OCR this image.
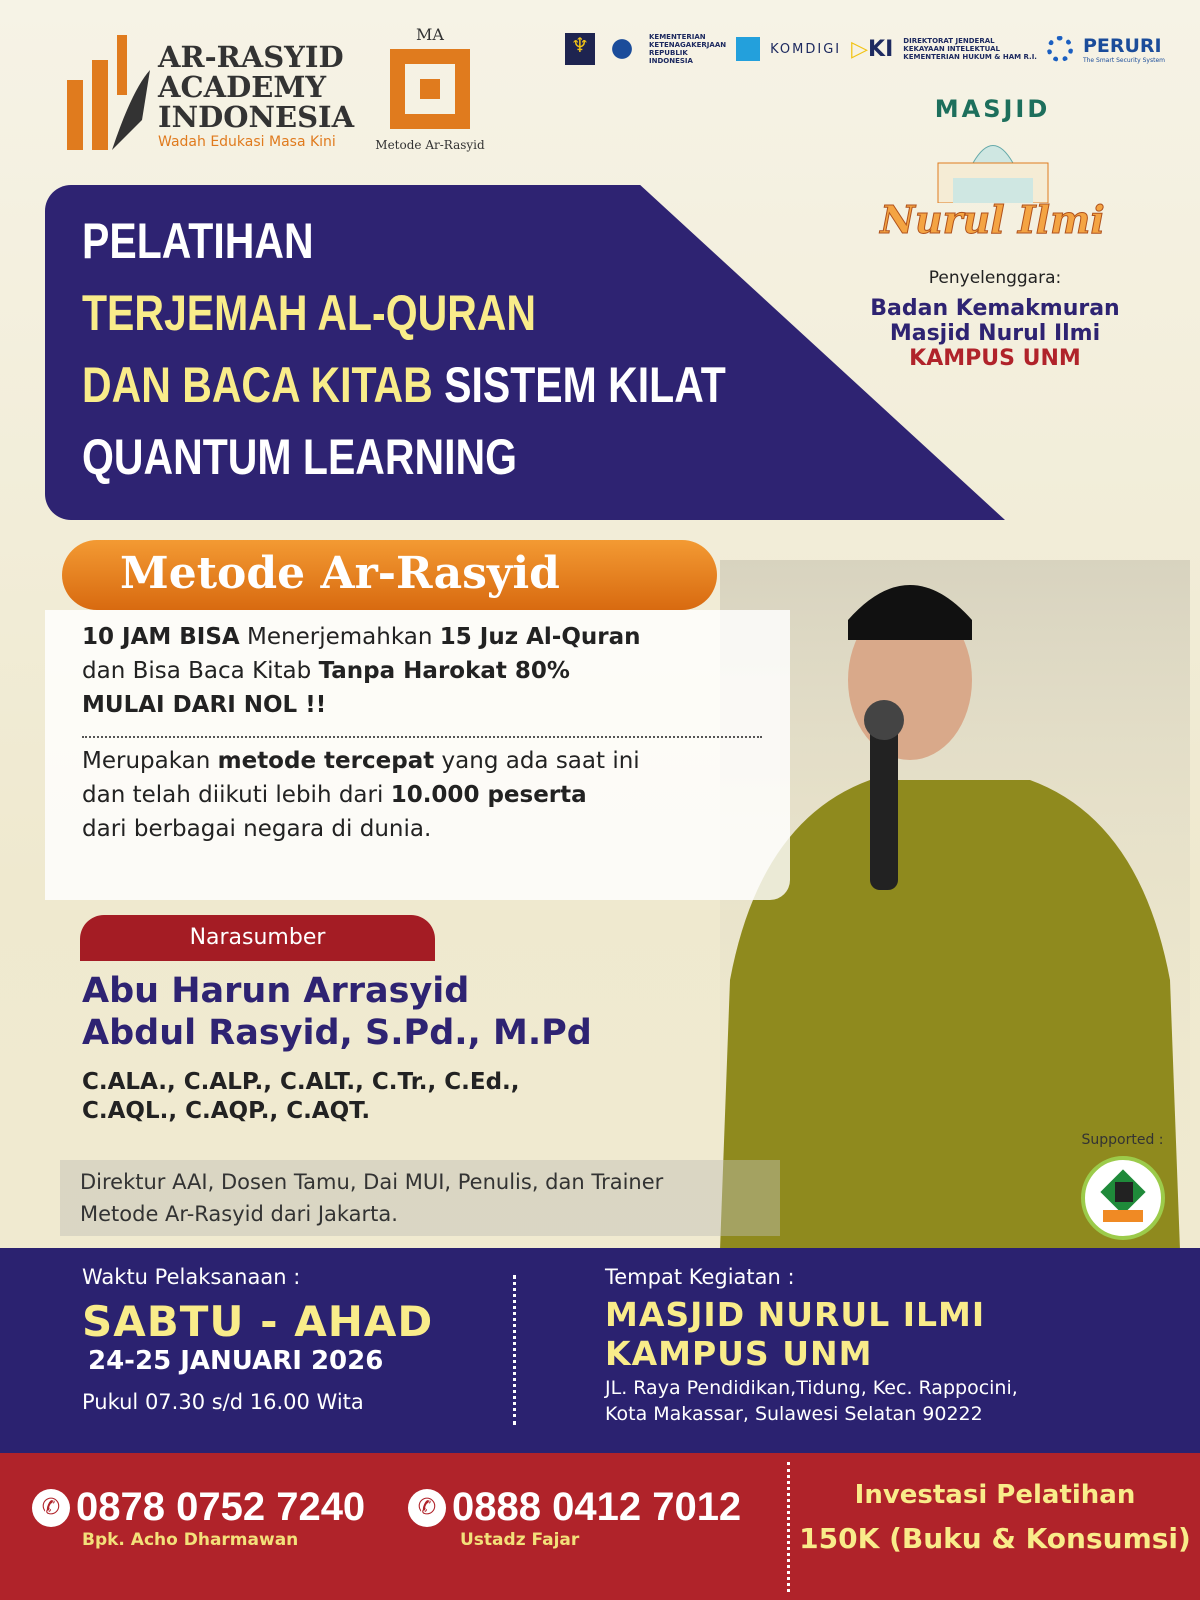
AR-RASYID
ACADEMY
INDONESIA
Wadah Edukasi Masa Kini
MA
Metode Ar-Rasyid
♆	KEMENTERIAN
KETENAGAKERJAAN
REPUBLIK
INDONESIA
KOMDIGI ▷KI DIREKTORAT JENDERAL
KEKAYAAN INTELEKTUAL
KEMENTERIAN HUKUM & HAM R.I.
PERURI
The Smart Security System
MASJID
Nurul Ilmi
Penyelenggara:
Badan Kemakmuran
Masjid Nurul Ilmi
KAMPUS UNM
PELATIHAN
TERJEMAH AL-QURAN
DAN BACA KITAB SISTEM KILAT
QUANTUM LEARNING
Metode Ar-Rasyid
10 JAM BISA Menerjemahkan 15 Juz Al-Quran
dan Bisa Baca Kitab Tanpa Harokat 80%
MULAI DARI NOL !!
Merupakan metode tercepat yang ada saat ini
dan telah diikuti lebih dari 10.000 peserta
dari berbagai negara di dunia.
Narasumber
Abu Harun Arrasyid
Abdul Rasyid, S.Pd., M.Pd
C.ALA., C.ALP., C.ALT., C.Tr., C.Ed.,
C.AQL., C.AQP., C.AQT.
Direktur AAI, Dosen Tamu, Dai MUI, Penulis, dan Trainer
Metode Ar-Rasyid dari Jakarta.
Supported :
Waktu Pelaksanaan :
SABTU - AHAD
24-25 JANUARI 2026
Pukul 07.30 s/d 16.00 Wita
Tempat Kegiatan :
MASJID NURUL ILMI
KAMPUS UNM
JL. Raya Pendidikan,Tidung, Kec. Rappocini,
Kota Makassar, Sulawesi Selatan 90222
✆ 0878 0752 7240
Bpk. Acho Dharmawan
✆ 0888 0412 7012
Ustadz Fajar
Investasi Pelatihan
150K (Buku & Konsumsi)
